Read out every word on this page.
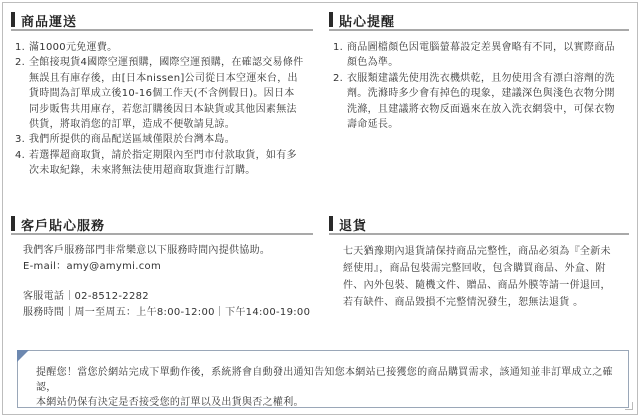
商品運送
1. 滿1000元免運費。
2. 全館接現貨4國際空運預購，國際空運預購，在確認交易條件
無誤且有庫存後，由[日本nissen]公司從日本空運來台，出
貨時間為訂單成立後10-16個工作天(不含例假日)。因日本
同步販售共用庫存，若您訂購後因日本缺貨或其他因素無法
供貨，將取消您的訂單，造成不便敬請見諒。
3. 我們所提供的商品配送區域僅限於台灣本島。
4. 若選擇超商取貨，請於指定期限內至門市付款取貨，如有多
次未取紀錄，未來將無法使用超商取貨進行訂購。
貼心提醒
1. 商品圖檔顏色因電腦螢幕設定差異會略有不同，以實際商品
顏色為準。
2. 衣服類建議先使用洗衣機烘乾，且勿使用含有漂白溶劑的洗
劑。洗滌時多少會有掉色的現象，建議深色與淺色衣物分開
洗滌，且建議將衣物反面過來在放入洗衣網袋中，可保衣物
壽命延長。
客戶貼心服務
我們客戶服務部門非常樂意以下服務時間內提供協助。
E-mail：amy@amymi.com
客服電話｜02-8512-2282
服務時間｜周一至周五：上午8:00-12:00｜下午14:00-19:00
退貨
七天猶豫期內退貨請保持商品完整性，商品必須為『全新未
經使用』，商品包裝需完整回收，包含購買商品、外盒、附
件、內外包裝、隨機文件、贈品、商品外膜等請一併退回，
若有缺件、商品毀損不完整情況發生，恕無法退貨 。
提醒您！當您於網站完成下單動作後，系統將會自動發出通知告知您本網站已接獲您的商品購買需求，該通知並非訂單成立之確認，
本網站仍保有決定是否接受您的訂單以及出貨與否之權利。
